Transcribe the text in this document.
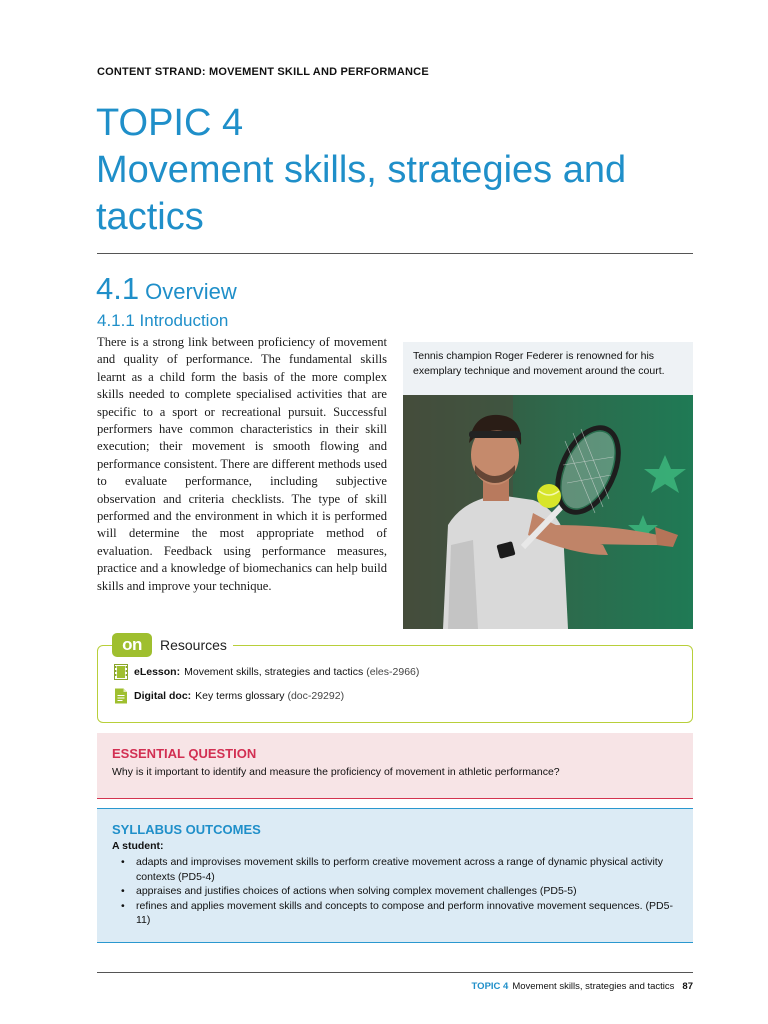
CONTENT STRAND: MOVEMENT SKILL AND PERFORMANCE
TOPIC 4
Movement skills, strategies and
tactics
4.1 Overview
4.1.1 Introduction
There is a strong link between proficiency of movement and quality of performance. The fundamental skills learnt as a child form the basis of the more complex skills needed to complete specialised activities that are specific to a sport or recreational pursuit. Successful performers have common characteristics in their skill execution; their movement is smooth flowing and performance consistent. There are different methods used to evaluate performance, including subjective observation and criteria checklists. The type of skill performed and the environment in which it is performed will determine the most appropriate method of evaluation. Feedback using performance measures, practice and a knowledge of biomechanics can help build skills and improve your technique.
Tennis champion Roger Federer is renowned for his exemplary technique and movement around the court.
on	Resources
eLesson: Movement skills, strategies and tactics (eles-2966)
Digital doc: Key terms glossary (doc-29292)
ESSENTIAL QUESTION
Why is it important to identify and measure the proficiency of movement in athletic performance?
SYLLABUS OUTCOMES
A student:
• adapts and improvises movement skills to perform creative movement across a range of dynamic physical activity contexts (PD5-4)
• appraises and justifies choices of actions when solving complex movement challenges (PD5-5)
• refines and applies movement skills and concepts to compose and perform innovative movement sequences. (PD5-11)
TOPIC 4 Movement skills, strategies and tactics 87
